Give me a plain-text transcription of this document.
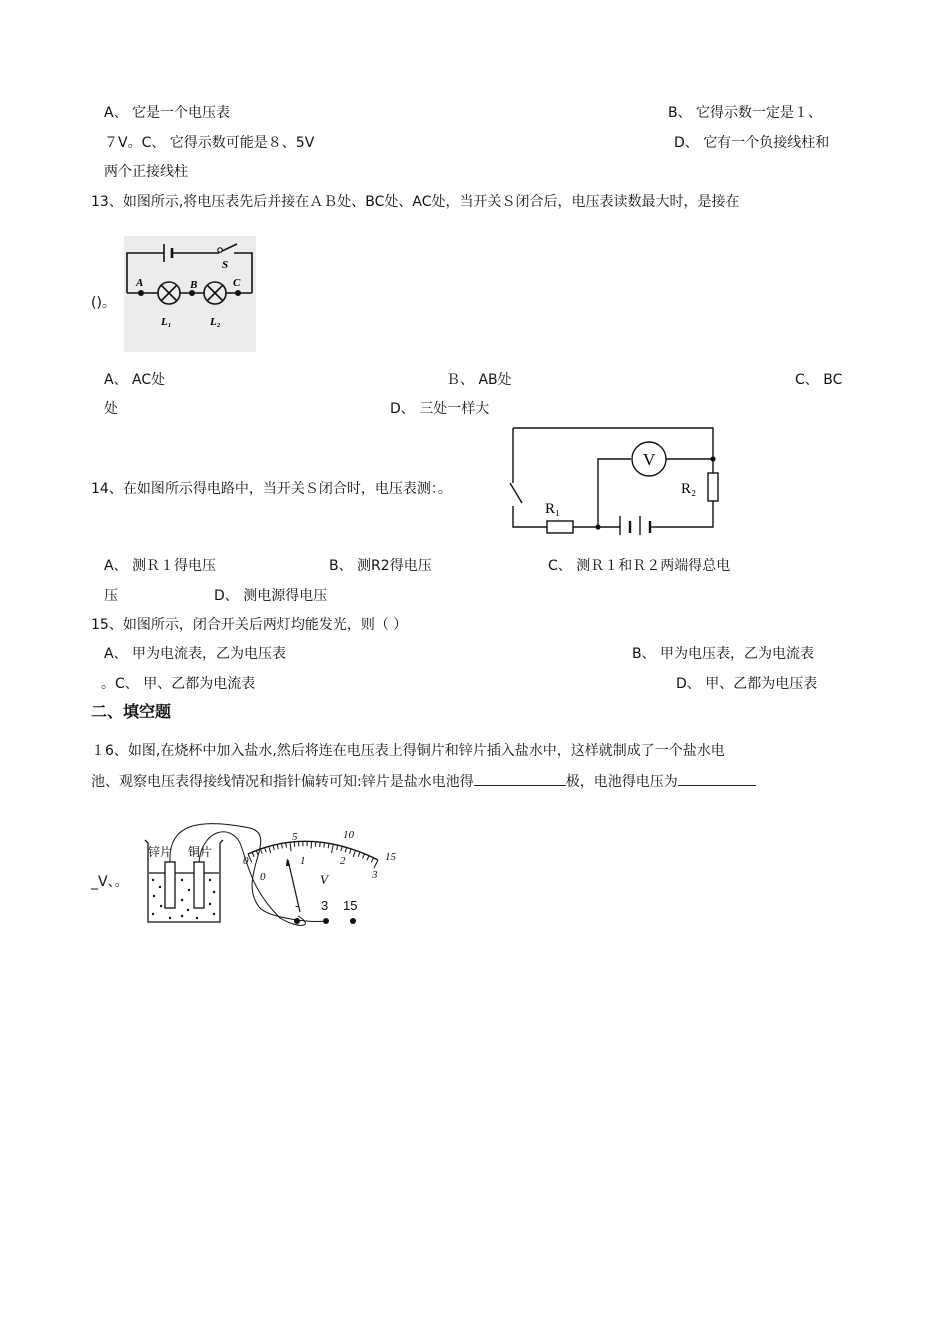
A、 它是一个电压表	B、 它得示数一定是１、
７V。C、 它得示数可能是８、5V	D、 它有一个负接线柱和
两个正接线柱
13、如图所示,将电压表先后并接在ＡＢ处、BC处、AC处，当开关Ｓ闭合后，电压表读数最大时，是接在
S
A	B	C
L₁	L₂
()。
A、 AC处	Ｂ、 AB处	C、 BC
处	D、 三处一样大
V
R₁
R₂
14、在如图所示得电路中，当开关Ｓ闭合时，电压表测：。
A、 测Ｒ１得电压	B、 测R2得电压	C、 测Ｒ１和Ｒ２两端得总电
压	D、 测电源得电压
15、如图所示，闭合开关后两灯均能发光，则（ ）
A、 甲为电流表，乙为电压表	B、 甲为电压表，乙为电流表
。C、 甲、乙都为电流表	D、 甲、乙都为电压表
二、填空题
１6、如图,在烧杯中加入盐水,然后将连在电压表上得铜片和锌片插入盐水中，这样就制成了一个盐水电
池、观察电压表得接线情况和指针偏转可知:锌片是盐水电池得	极，电池得电压为
锌片 铜片
0
5	10
15
0
1	2
3
V
- 3 15
_V、。
